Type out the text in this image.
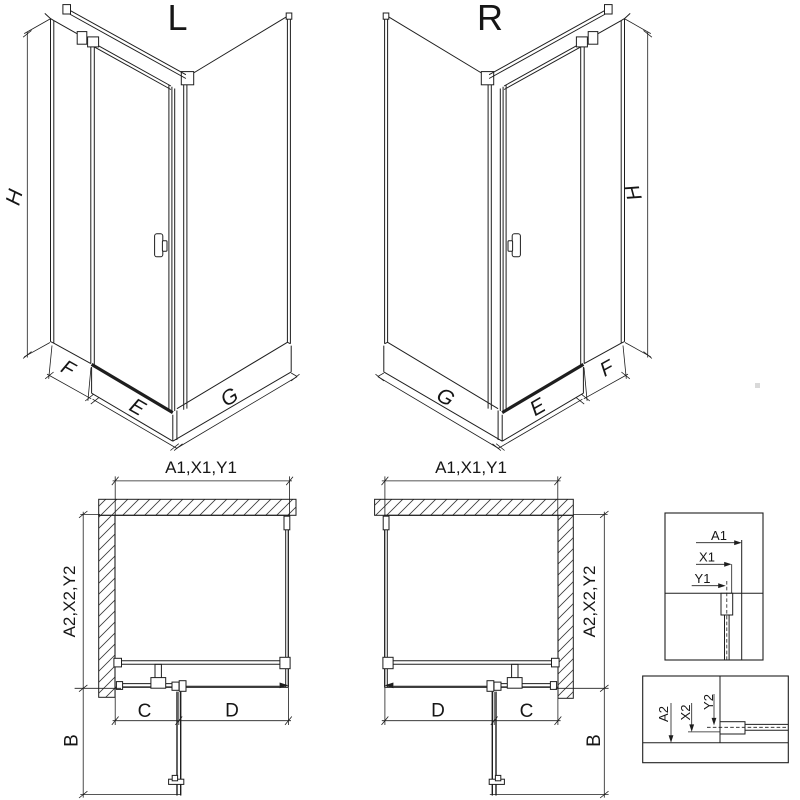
L
H
F
E	G
R
H
F
E
G
A1,X1,Y1
A2,X2,Y2
B
C	D
A1,X1,Y1
A2,X2,Y2
B
D	C
A1
X1
Y1
A2 X2
Y2
